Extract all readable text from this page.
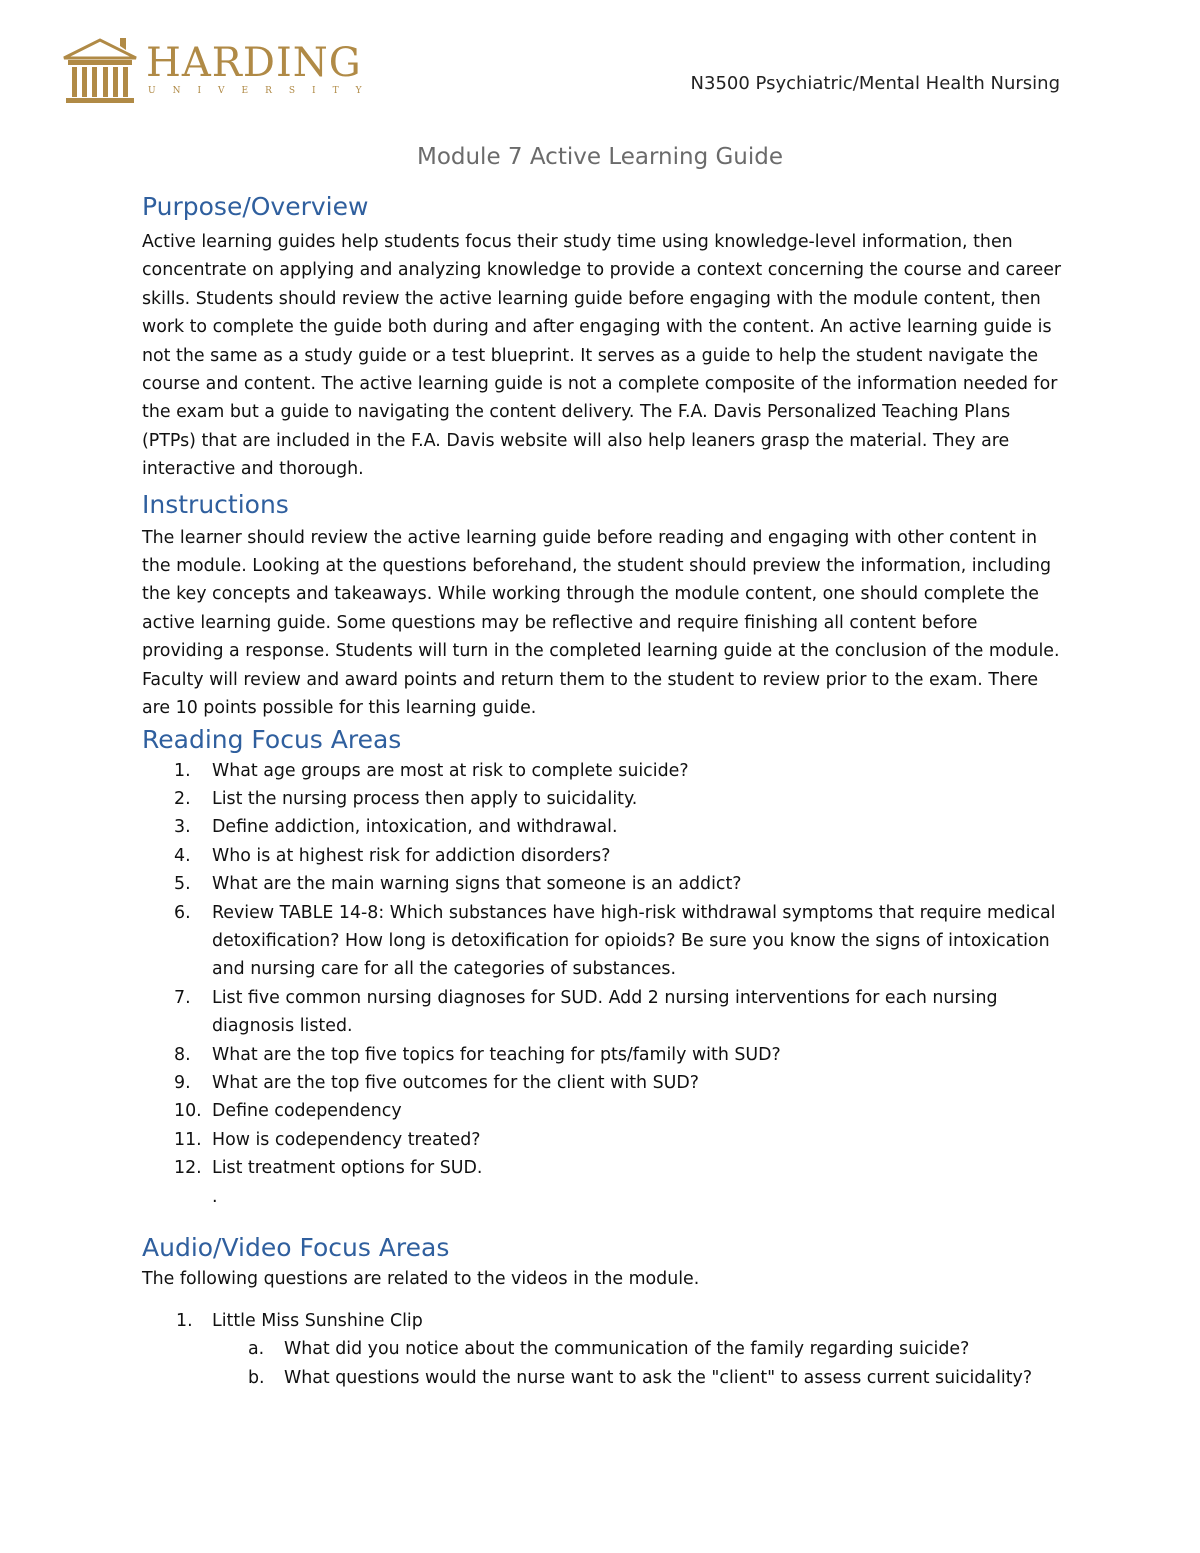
HARDING
UNIVERSITY	N3500 Psychiatric/Mental Health Nursing
Module 7 Active Learning Guide
Purpose/Overview

Active learning guides help students focus their study time using knowledge-level information, then concentrate on applying and analyzing knowledge to provide a context concerning the course and career skills. Students should review the active learning guide before engaging with the module content, then work to complete the guide both during and after engaging with the content. An active learning guide is not the same as a study guide or a test blueprint. It serves as a guide to help the student navigate the course and content. The active learning guide is not a complete composite of the information needed for the exam but a guide to navigating the content delivery. The F.A. Davis Personalized Teaching Plans (PTPs) that are included in the F.A. Davis website will also help leaners grasp the material. They are interactive and thorough.

Instructions

The learner should review the active learning guide before reading and engaging with other content in the module. Looking at the questions beforehand, the student should preview the information, including the key concepts and takeaways. While working through the module content, one should complete the active learning guide. Some questions may be reflective and require finishing all content before providing a response. Students will turn in the completed learning guide at the conclusion of the module. Faculty will review and award points and return them to the student to review prior to the exam. There are 10 points possible for this learning guide.

Reading Focus Areas
1.	What age groups are most at risk to complete suicide?
2.	List the nursing process then apply to suicidality.
3.	Define addiction, intoxication, and withdrawal.
4.	Who is at highest risk for addiction disorders?
5.	What are the main warning signs that someone is an addict?
6.	Review TABLE 14-8: Which substances have high-risk withdrawal symptoms that require medical detoxification? How long is detoxification for opioids? Be sure you know the signs of intoxication and nursing care for all the categories of substances.
7.	List five common nursing diagnoses for SUD. Add 2 nursing interventions for each nursing diagnosis listed.
8.	What are the top five topics for teaching for pts/family with SUD?
9.	What are the top five outcomes for the client with SUD?
10. Define codependency
11. How is codependency treated?
12. List treatment options for SUD.
.
Audio/Video Focus Areas

The following questions are related to the videos in the module.

1. Little Miss Sunshine Clip
a. What did you notice about the communication of the family regarding suicide?
b. What questions would the nurse want to ask the "client" to assess current suicidality?
